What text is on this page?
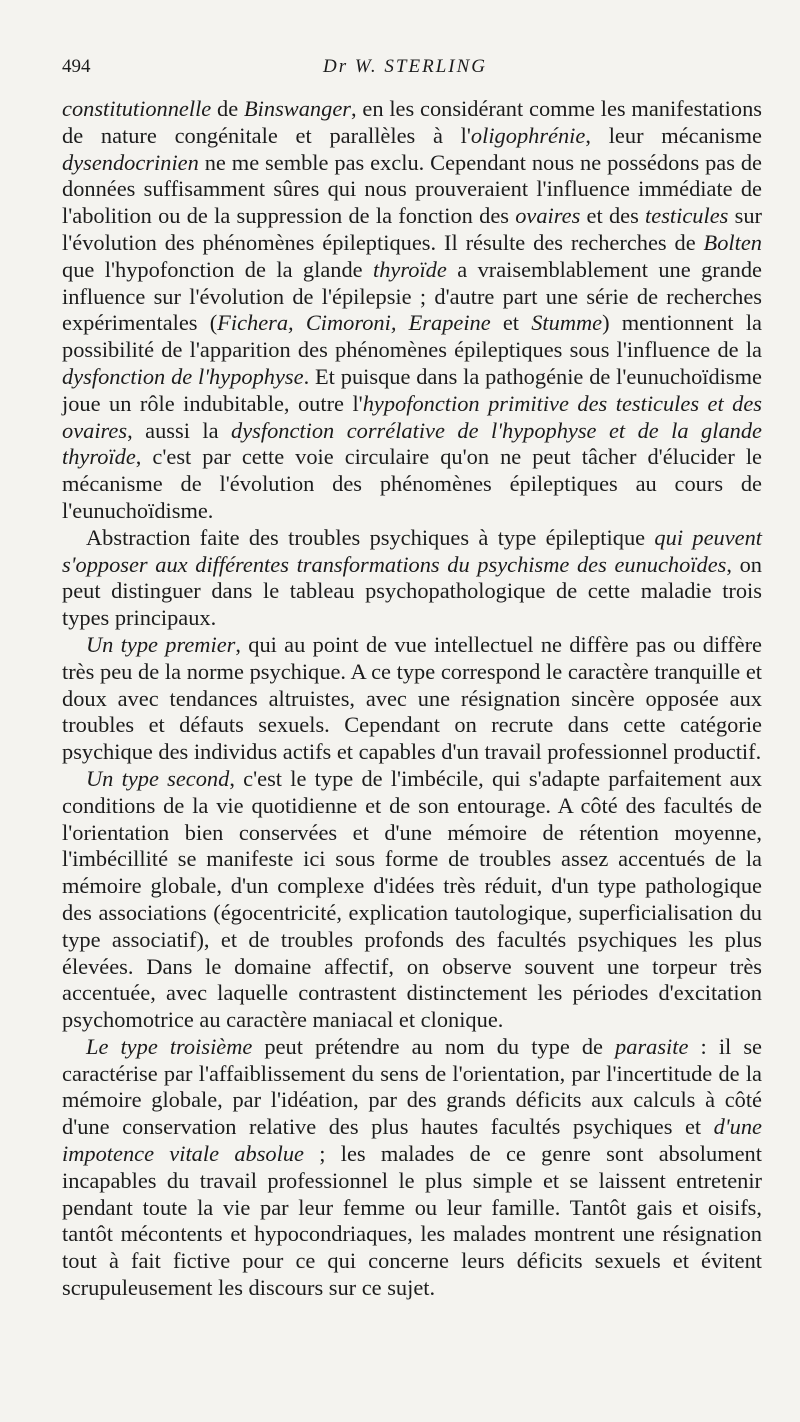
494	Dr W. STERLING

constitutionnelle de Binswanger, en les considérant comme les manifestations de nature congénitale et parallèles à l'oligophrénie, leur mécanisme dysendocrinien ne me semble pas exclu. Cependant nous ne possédons pas de données suffisamment sûres qui nous prouveraient l'influence immédiate de l'abolition ou de la suppression de la fonction des ovaires et des testicules sur l'évolution des phénomènes épileptiques. Il résulte des recherches de Bolten que l'hypofonction de la glande thyroïde a vraisemblablement une grande influence sur l'évolution de l'épilepsie ; d'autre part une série de recherches expérimentales (Fichera, Cimoroni, Erapeine et Stumme) mentionnent la possibilité de l'apparition des phénomènes épileptiques sous l'influence de la dysfonction de l'hypophyse. Et puisque dans la pathogénie de l'eunuchoïdisme joue un rôle indubitable, outre l'hypofonction primitive des testicules et des ovaires, aussi la dysfonction corrélative de l'hypophyse et de la glande thyroïde, c'est par cette voie circulaire qu'on ne peut tâcher d'élucider le mécanisme de l'évolution des phénomènes épileptiques au cours de l'eunuchoïdisme.

Abstraction faite des troubles psychiques à type épileptique qui peuvent s'opposer aux différentes transformations du psychisme des eunuchoïdes, on peut distinguer dans le tableau psychopathologique de cette maladie trois types principaux.

Un type premier, qui au point de vue intellectuel ne diffère pas ou diffère très peu de la norme psychique. A ce type correspond le caractère tranquille et doux avec tendances altruistes, avec une résignation sincère opposée aux troubles et défauts sexuels. Cependant on recrute dans cette catégorie psychique des individus actifs et capables d'un travail professionnel productif.

Un type second, c'est le type de l'imbécile, qui s'adapte parfaitement aux conditions de la vie quotidienne et de son entourage. A côté des facultés de l'orientation bien conservées et d'une mémoire de rétention moyenne, l'imbécillité se manifeste ici sous forme de troubles assez accentués de la mémoire globale, d'un complexe d'idées très réduit, d'un type pathologique des associations (égocentricité, explication tautologique, superficialisation du type associatif), et de troubles profonds des facultés psychiques les plus élevées. Dans le domaine affectif, on observe souvent une torpeur très accentuée, avec laquelle contrastent distinctement les périodes d'excitation psychomotrice au caractère maniacal et clonique.

Le type troisième peut prétendre au nom du type de parasite : il se caractérise par l'affaiblissement du sens de l'orientation, par l'incertitude de la mémoire globale, par l'idéation, par des grands déficits aux calculs à côté d'une conservation relative des plus hautes facultés psychiques et d'une impotence vitale absolue ; les malades de ce genre sont absolument incapables du travail professionnel le plus simple et se laissent entretenir pendant toute la vie par leur femme ou leur famille. Tantôt gais et oisifs, tantôt mécontents et hypocondriaques, les malades montrent une résignation tout à fait fictive pour ce qui concerne leurs déficits sexuels et évitent scrupuleusement les discours sur ce sujet.
